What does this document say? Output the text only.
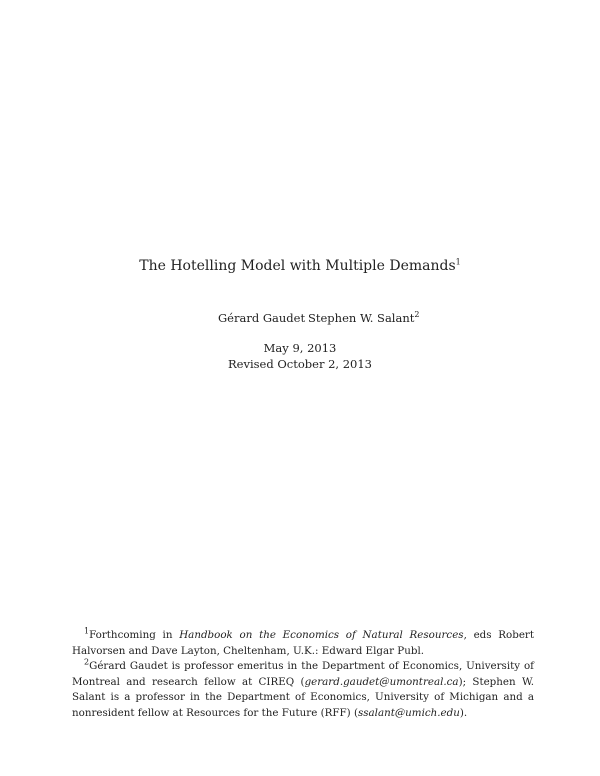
The Hotelling Model with Multiple Demands$^1$
Gérard Gaudet Stephen W. Salant$^2$
May 9, 2013
Revised October 2, 2013

$^1$Forthcoming in Handbook on the Economics of Natural Resources, eds Robert Halvorsen and Dave Layton, Cheltenham, U.K.: Edward Elgar Publ.

$^2$Gérard Gaudet is professor emeritus in the Department of Economics, University of Montreal and research fellow at CIREQ (gerard.gaudet@umontreal.ca); Stephen W. Salant is a professor in the Department of Economics, University of Michigan and a nonresident fellow at Resources for the Future (RFF) (ssalant@umich.edu).
